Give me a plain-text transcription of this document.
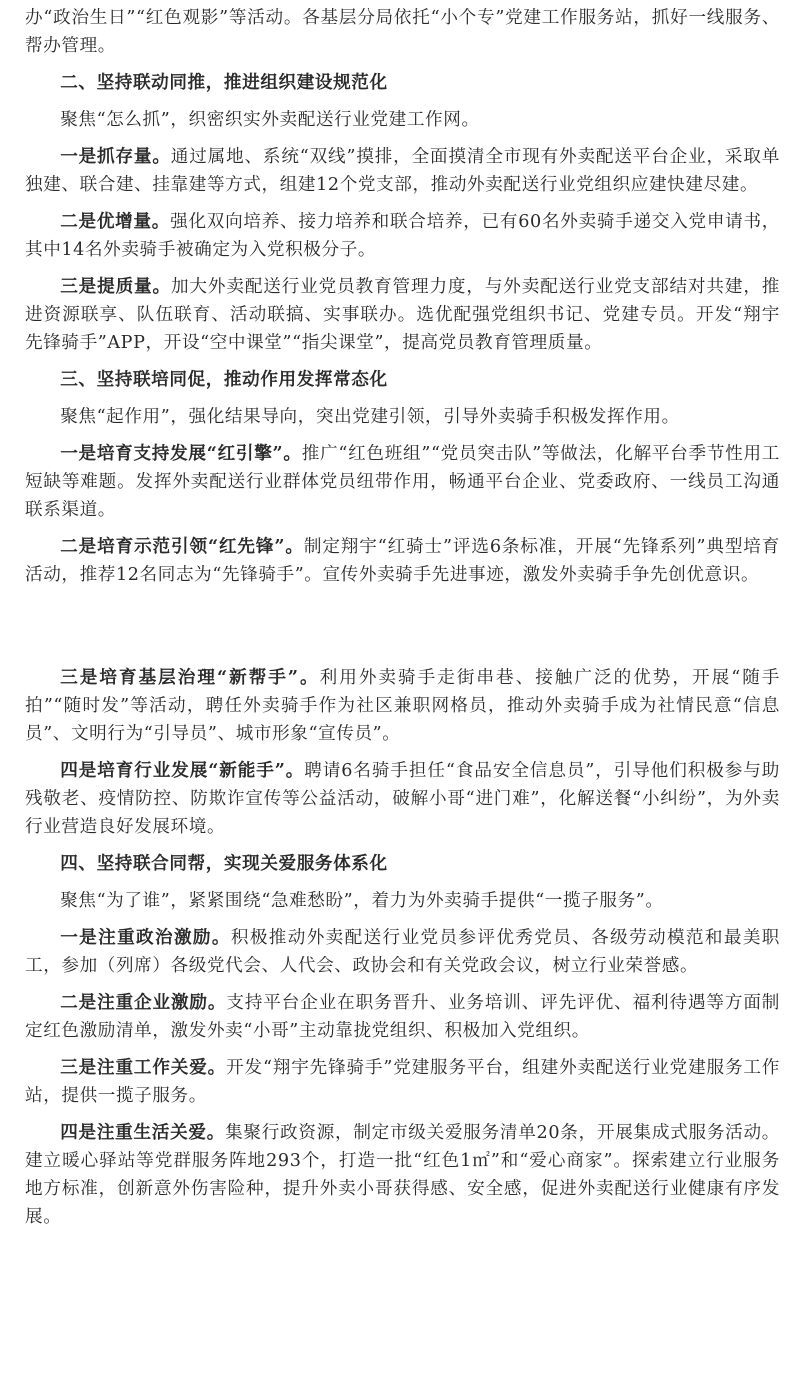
办“政治生日”“红色观影”等活动。各基层分局依托“小个专”党建工作服务站，抓好一线服务、帮办管理。

二、坚持联动同推，推进组织建设规范化

聚焦“怎么抓”，织密织实外卖配送行业党建工作网。

一是抓存量。通过属地、系统“双线”摸排，全面摸清全市现有外卖配送平台企业，采取单独建、联合建、挂靠建等方式，组建12个党支部，推动外卖配送行业党组织应建快建尽建。

二是优增量。强化双向培养、接力培养和联合培养，已有60名外卖骑手递交入党申请书，其中14名外卖骑手被确定为入党积极分子。

三是提质量。加大外卖配送行业党员教育管理力度，与外卖配送行业党支部结对共建，推进资源联享、队伍联育、活动联搞、实事联办。选优配强党组织书记、党建专员。开发“翔宇先锋骑手”APP，开设“空中课堂”“指尖课堂”，提高党员教育管理质量。

三、坚持联培同促，推动作用发挥常态化

聚焦“起作用”，强化结果导向，突出党建引领，引导外卖骑手积极发挥作用。

一是培育支持发展“红引擎”。推广“红色班组”“党员突击队”等做法，化解平台季节性用工短缺等难题。发挥外卖配送行业群体党员纽带作用，畅通平台企业、党委政府、一线员工沟通联系渠道。

二是培育示范引领“红先锋”。制定翔宇“红骑士”评选6条标准，开展“先锋系列”典型培育活动，推荐12名同志为“先锋骑手”。宣传外卖骑手先进事迹，激发外卖骑手争先创优意识。

三是培育基层治理“新帮手”。利用外卖骑手走街串巷、接触广泛的优势，开展“随手拍”“随时发”等活动，聘任外卖骑手作为社区兼职网格员，推动外卖骑手成为社情民意“信息员”、文明行为“引导员”、城市形象“宣传员”。

四是培育行业发展“新能手”。聘请6名骑手担任“食品安全信息员”，引导他们积极参与助残敬老、疫情防控、防欺诈宣传等公益活动，破解小哥“进门难”，化解送餐“小纠纷”，为外卖行业营造良好发展环境。

四、坚持联合同帮，实现关爱服务体系化

聚焦“为了谁”，紧紧围绕“急难愁盼”，着力为外卖骑手提供“一揽子服务”。

一是注重政治激励。积极推动外卖配送行业党员参评优秀党员、各级劳动模范和最美职工，参加（列席）各级党代会、人代会、政协会和有关党政会议，树立行业荣誉感。

二是注重企业激励。支持平台企业在职务晋升、业务培训、评先评优、福利待遇等方面制定红色激励清单，激发外卖“小哥”主动靠拢党组织、积极加入党组织。

三是注重工作关爱。开发“翔宇先锋骑手”党建服务平台，组建外卖配送行业党建服务工作站，提供一揽子服务。

四是注重生活关爱。集聚行政资源，制定市级关爱服务清单20条，开展集成式服务活动。建立暖心驿站等党群服务阵地293个，打造一批“红色1㎡”和“爱心商家”。探索建立行业服务地方标准，创新意外伤害险种，提升外卖小哥获得感、安全感，促进外卖配送行业健康有序发展。
